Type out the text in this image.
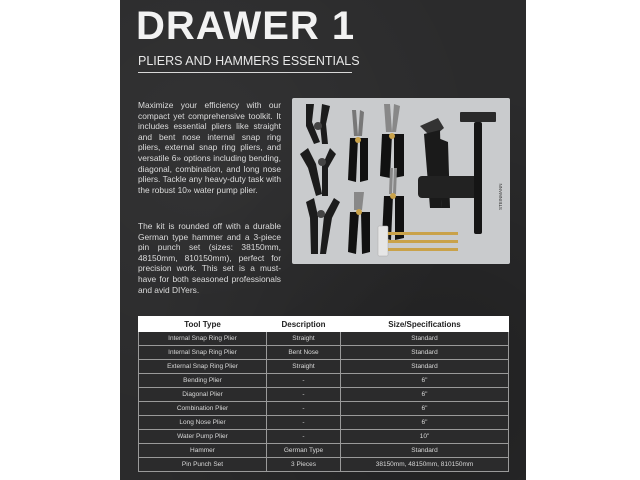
DRAWER 1
PLIERS AND HAMMERS ESSENTIALS

Maximize your efficiency with our compact yet comprehensive toolkit. It includes essential pliers like straight and bent nose internal snap ring pliers, external snap ring pliers, and versatile 6» options including bending, diagonal, combination, and long nose pliers. Tackle any heavy-duty task with the robust 10» water pump plier.

The kit is rounded off with a durable German type hammer and a 3-piece pin punch set (sizes: 38150mm, 48150mm, 810150mm), perfect for precision work. This set is a must-have for both seasoned professionals and avid DIYers.

STEINMANN
Tool Type	Description	Size/Specifications
Internal Snap Ring Plier	Straight	Standard
Internal Snap Ring Plier	Bent Nose	Standard
External Snap Ring Plier	Straight	Standard
Bending Plier	-	6"
Diagonal Plier	-	6"
Combination Plier	-	6"
Long Nose Plier	-	6"
Water Pump Plier	-	10"
Hammer	German Type	Standard
Pin Punch Set	3 Pieces	38150mm, 48150mm, 810150mm
